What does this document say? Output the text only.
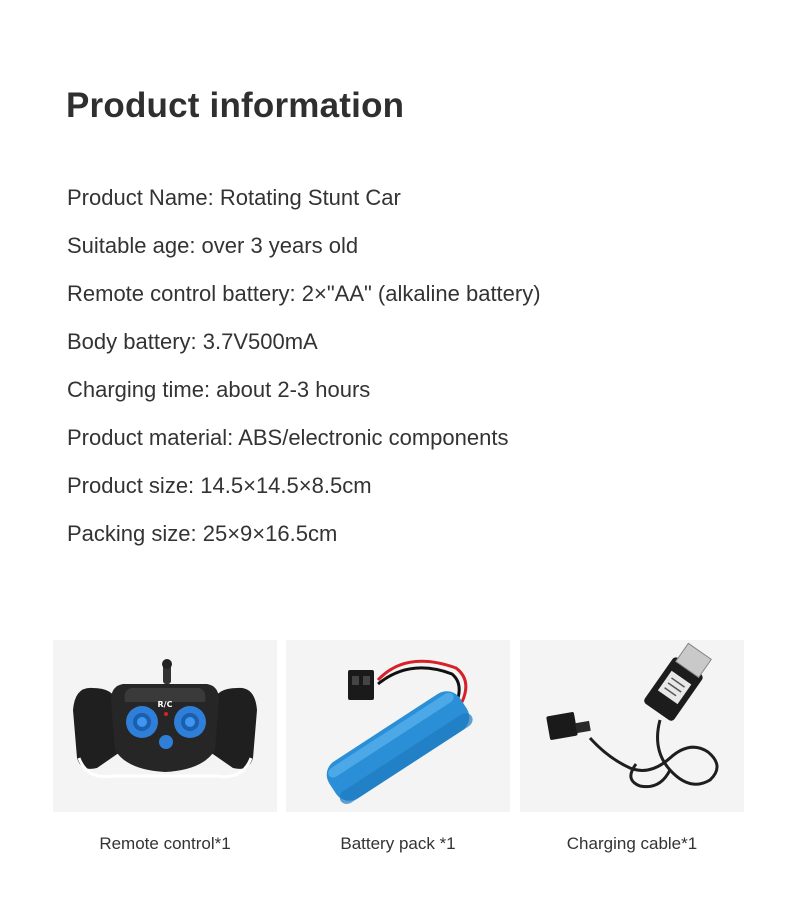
Product information
Product Name: Rotating Stunt Car
Suitable age: over 3 years old
Remote control battery: 2×"AA" (alkaline battery)
Body battery: 3.7V500mA
Charging time: about 2-3 hours
Product material: ABS/electronic components
Product size: 14.5×14.5×8.5cm
Packing size: 25×9×16.5cm
R/C
Remote control*1	Battery pack *1	Charging cable*1
